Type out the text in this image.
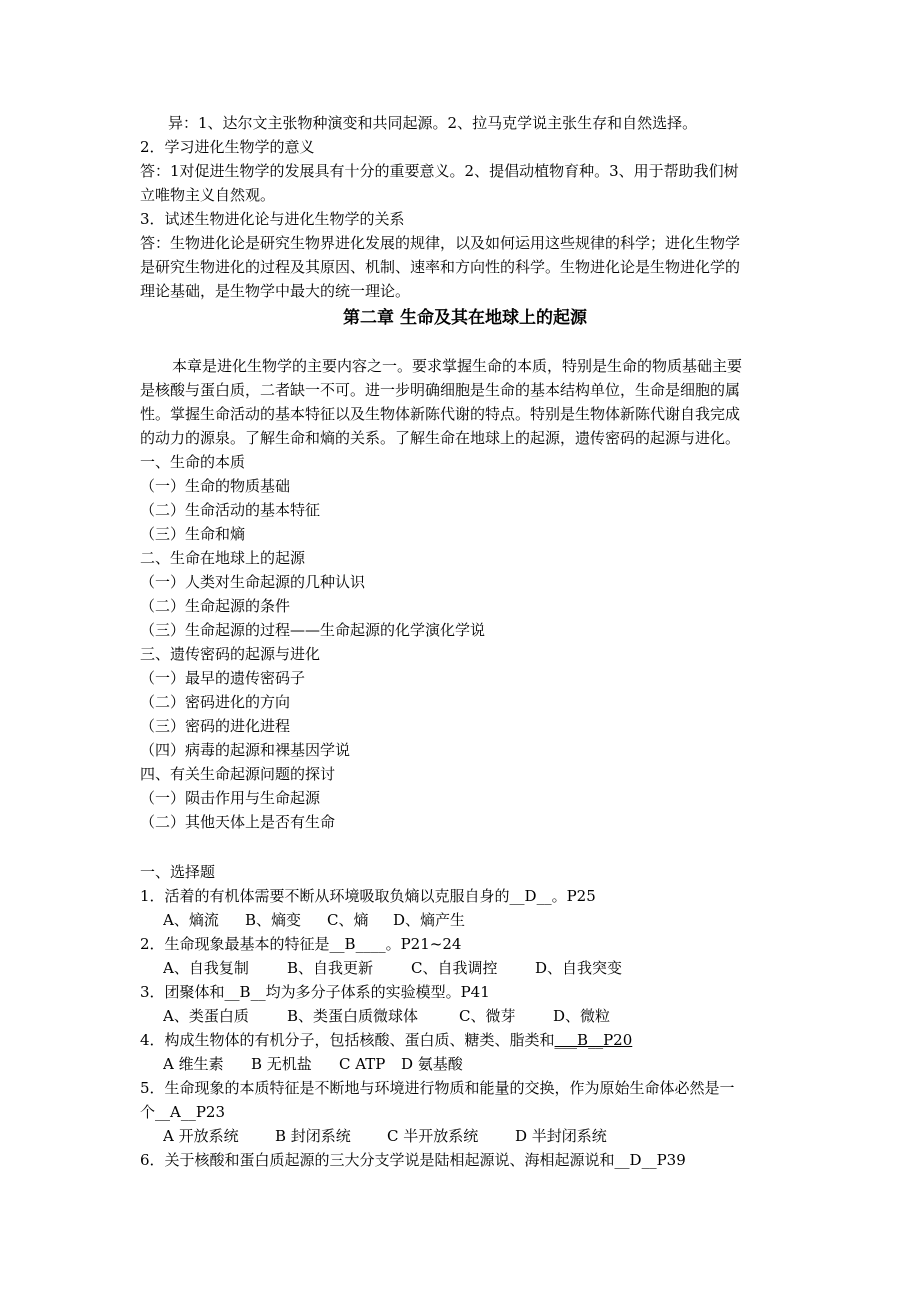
异：1、达尔文主张物种演变和共同起源。2、拉马克学说主张生存和自然选择。
2．学习进化生物学的意义
答：1对促进生物学的发展具有十分的重要意义。2、提倡动植物育种。3、用于帮助我们树
立唯物主义自然观。
3．试述生物进化论与进化生物学的关系
答：生物进化论是研究生物界进化发展的规律，以及如何运用这些规律的科学；进化生物学
是研究生物进化的过程及其原因、机制、速率和方向性的科学。生物进化论是生物进化学的
理论基础，是生物学中最大的统一理论。
第二章 生命及其在地球上的起源
本章是进化生物学的主要内容之一。要求掌握生命的本质，特别是生命的物质基础主要
是核酸与蛋白质，二者缺一不可。进一步明确细胞是生命的基本结构单位，生命是细胞的属
性。掌握生命活动的基本特征以及生物体新陈代谢的特点。特别是生物体新陈代谢自我完成
的动力的源泉。了解生命和熵的关系。了解生命在地球上的起源，遗传密码的起源与进化。
一、生命的本质
（一）生命的物质基础
（二）生命活动的基本特征
（三）生命和熵
二、生命在地球上的起源
（一）人类对生命起源的几种认识
（二）生命起源的条件
（三）生命起源的过程——生命起源的化学演化学说
三、遗传密码的起源与进化
（一）最早的遗传密码子
（二）密码进化的方向
（三）密码的进化进程
（四）病毒的起源和裸基因学说
四、有关生命起源问题的探讨
（一）陨击作用与生命起源
（二）其他天体上是否有生命
一、选择题
1．活着的有机体需要不断从环境吸取负熵以克服自身的__D__。P25
A、熵流 B、熵变 C、熵 D、熵产生
2．生命现象最基本的特征是__B____。P21~24
A、自我复制	B、自我更新	C、自我调控	D、自我突变
3．团聚体和__B__均为多分子体系的实验模型。P41
A、类蛋白质	B、类蛋白质微球体	C、微芽	D、微粒
4．构成生物体的有机分子，包括核酸、蛋白质、糖类、脂类和___B__P20
A 维生素 B 无机盐 C ATP D 氨基酸
5．生命现象的本质特征是不断地与环境进行物质和能量的交换，作为原始生命体必然是一
个__A__P23
A 开放系统 B 封闭系统 C 半开放系统 D 半封闭系统
6．关于核酸和蛋白质起源的三大分支学说是陆相起源说、海相起源说和__D__P39
